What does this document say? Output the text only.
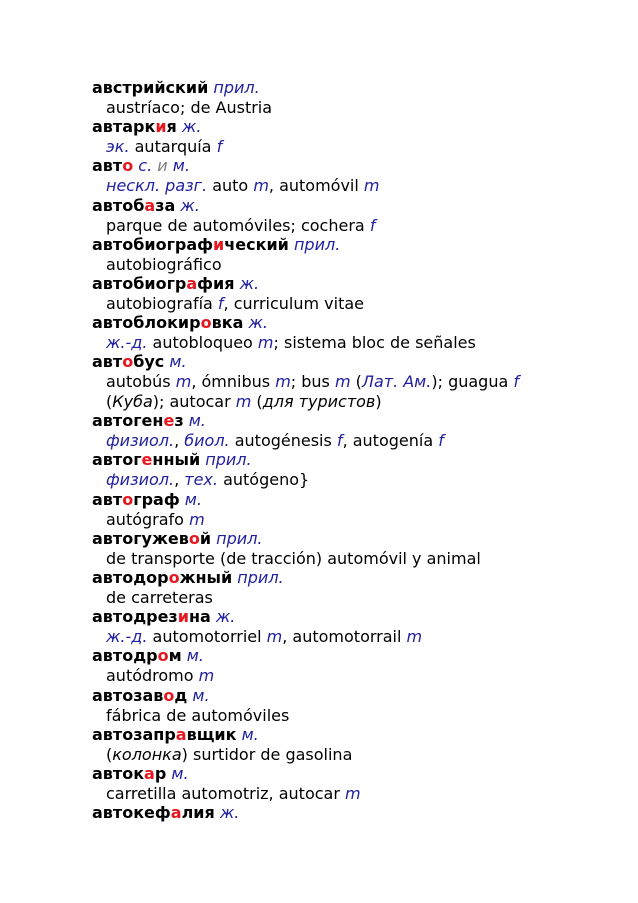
австрийский прил.
austríaco; de Austria
автаркия ж.
эк. autarquía f
авто с. и м.
нескл. разг. auto m, automóvil m
автобаза ж.
parque de automóviles; cochera f
автобиографический прил.
autobiográfico
автобиография ж.
autobiografía f, curriculum vitae
автоблокировка ж.
ж.-д. autobloqueo m; sistema bloc de señales
автобус м.
autobús m, ómnibus m; bus m (Лат. Ам.); guagua f
(Куба); autocar m (для туристов)
автогенез м.
физиол., биол. autogénesis f, autogenía f
автогенный прил.
физиол., тех. autógeno}
автограф м.
autógrafo m
автогужевой прил.
de transporte (de tracción) automóvil y animal
автодорожный прил.
de carreteras
автодрезина ж.
ж.-д. automotorriel m, automotorrail m
автодром м.
autódromo m
автозавод м.
fábrica de automóviles
автозаправщик м.
(колонка) surtidor de gasolina
автокар м.
carretilla automotriz, autocar m
автокефалия ж.
